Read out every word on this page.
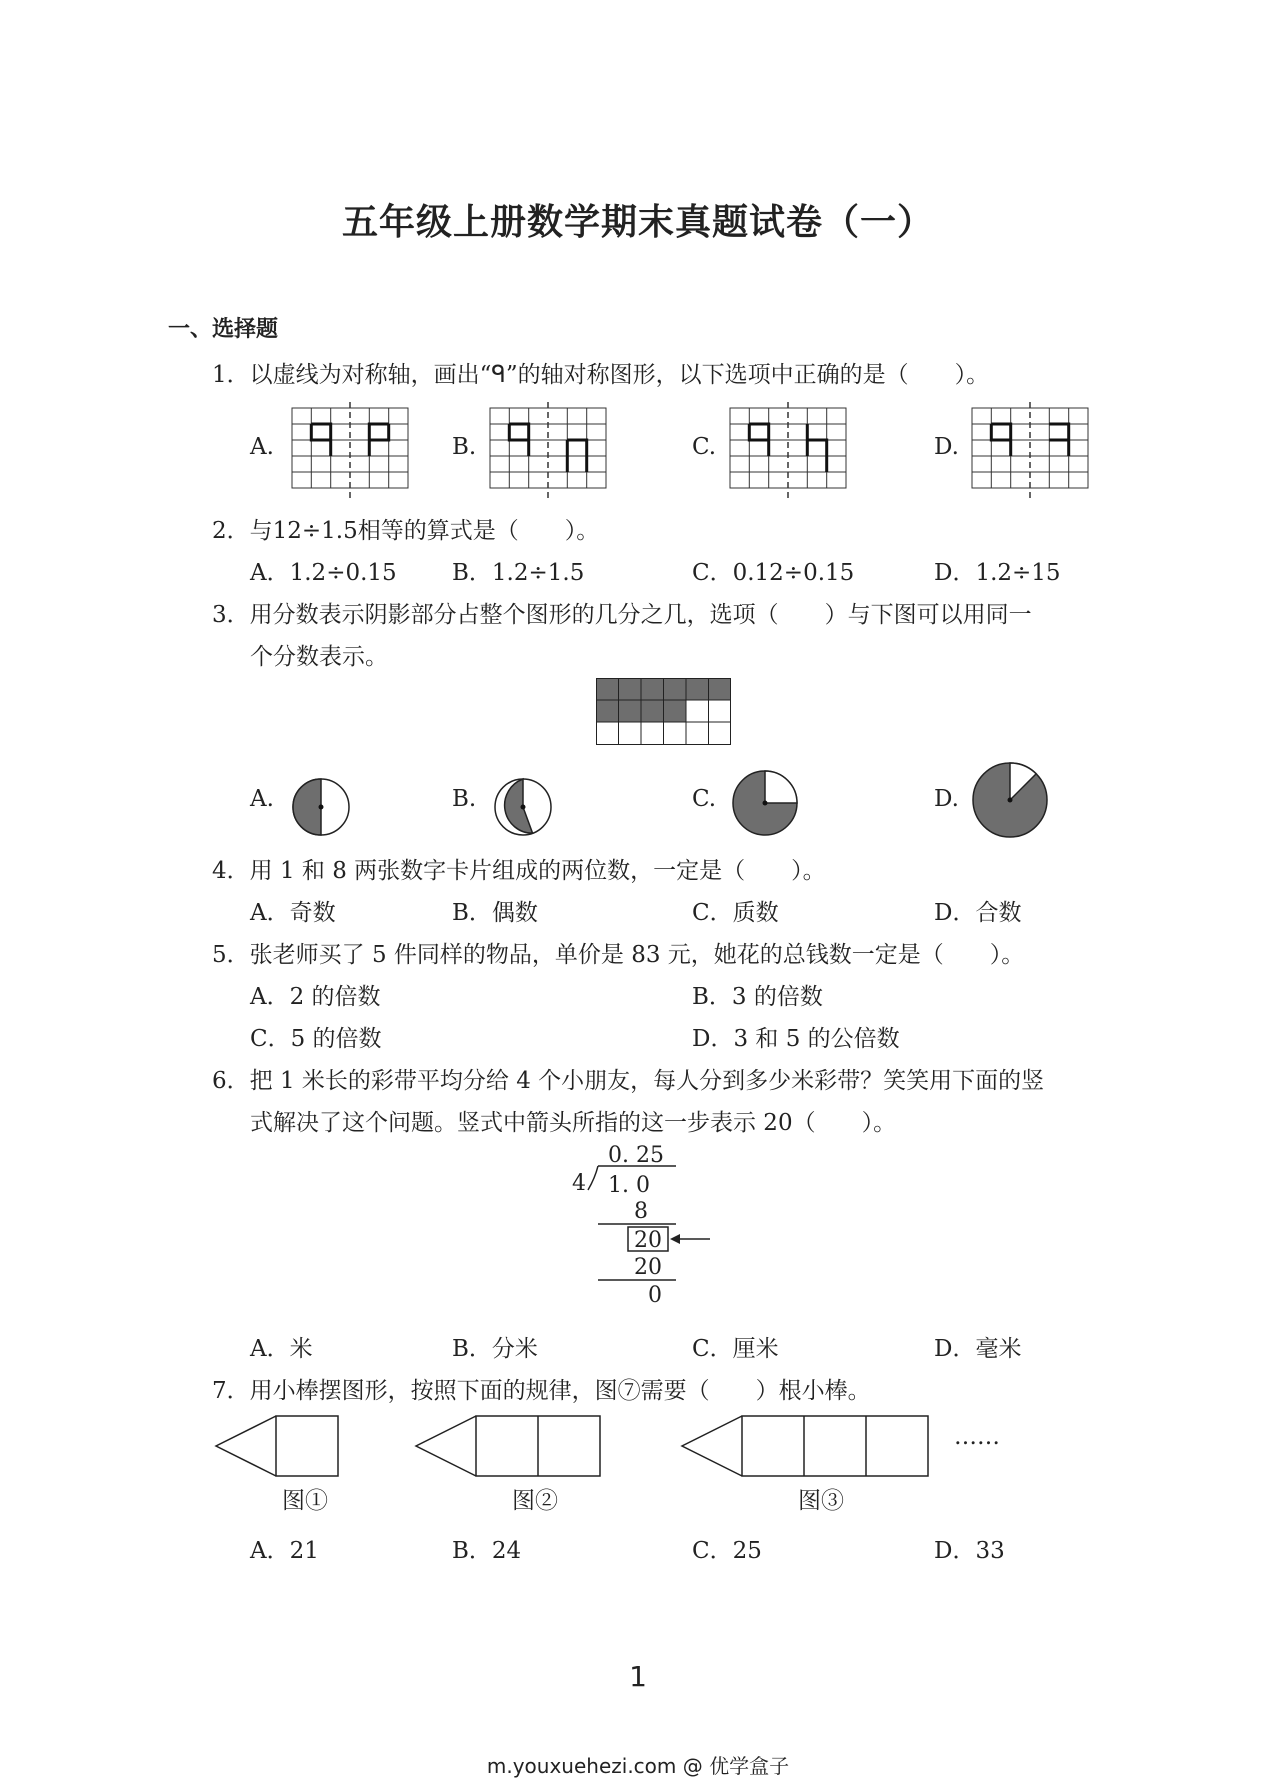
五年级上册数学期末真题试卷（一）
一、选择题
1．以虚线为对称轴，画出“ᑫ”的轴对称图形，以下选项中正确的是（　　）。
A.	B.	C.	D.
2．与12÷1.5相等的算式是（　　）。
A．1.2÷0.15 B．1.2÷1.5	C．0.12÷0.15	D．1.2÷15
3．用分数表示阴影部分占整个图形的几分之几，选项（　　）与下图可以用同一
个分数表示。
A.	B.	C.	D.
4．用 1 和 8 两张数字卡片组成的两位数，一定是（　　）。
A．奇数	B．偶数	C．质数	D．合数
5．张老师买了 5 件同样的物品，单价是 83 元，她花的总钱数一定是（　　）。
A．2 的倍数	B．3 的倍数
C．5 的倍数	D．3 和 5 的公倍数
6．把 1 米长的彩带平均分给 4 个小朋友，每人分到多少米彩带？笑笑用下面的竖
式解决了这个问题。竖式中箭头所指的这一步表示 20（　　）。
0. 25
4 1. 0
8
20
20
0
A．米	B．分米	C．厘米	D．毫米
7．用小棒摆图形，按照下面的规律，图⑦需要（　　）根小棒。
……
图①	图②	图③
A．21	B．24	C．25	D．33
1
m.youxuehezi.com @ 优学盒子
